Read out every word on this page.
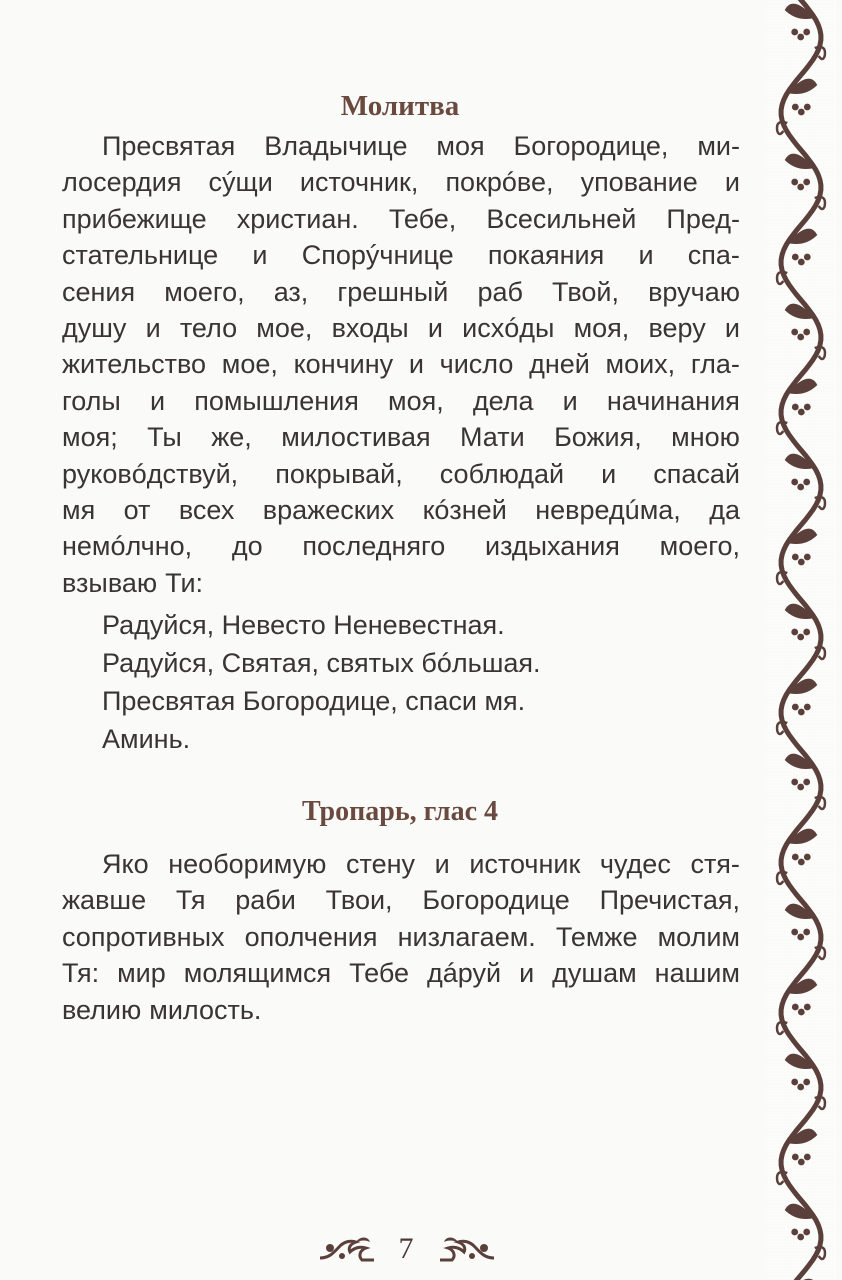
Молитва
Пресвятая Владычице моя Богородице, ми-
лосердия сýщи источник, покрóве, упование и
прибежище христиан. Тебе, Всесильней Пред-
стательнице и Спорýчнице покаяния и спа-
сения моего, аз, грешный раб Твой, вручаю
душу и тело мое, входы и исхóды моя, веру и
жительство мое, кончину и число дней моих, гла-
голы и помышления моя, дела и начинания
моя; Ты же, милостивая Мати Божия, мною
руковóдствуй, покрывай, соблюдай и спасай
мя от всех вражеских кóзней невредúма, да
немóлчно, до последняго издыхания моего,
взываю Ти:
Радуйся, Невесто Неневестная.
Радуйся, Святая, святых бóльшая.
Пресвятая Богородице, спаси мя.
Аминь.
Тропарь, глас 4
Яко необоримую стену и источник чудес стя-
жавше Тя раби Твои, Богородице Пречистая,
сопротивных ополчения низлагаем. Темже молим
Тя: мир молящимся Тебе дáруй и душам нашим
велию милость.
7
